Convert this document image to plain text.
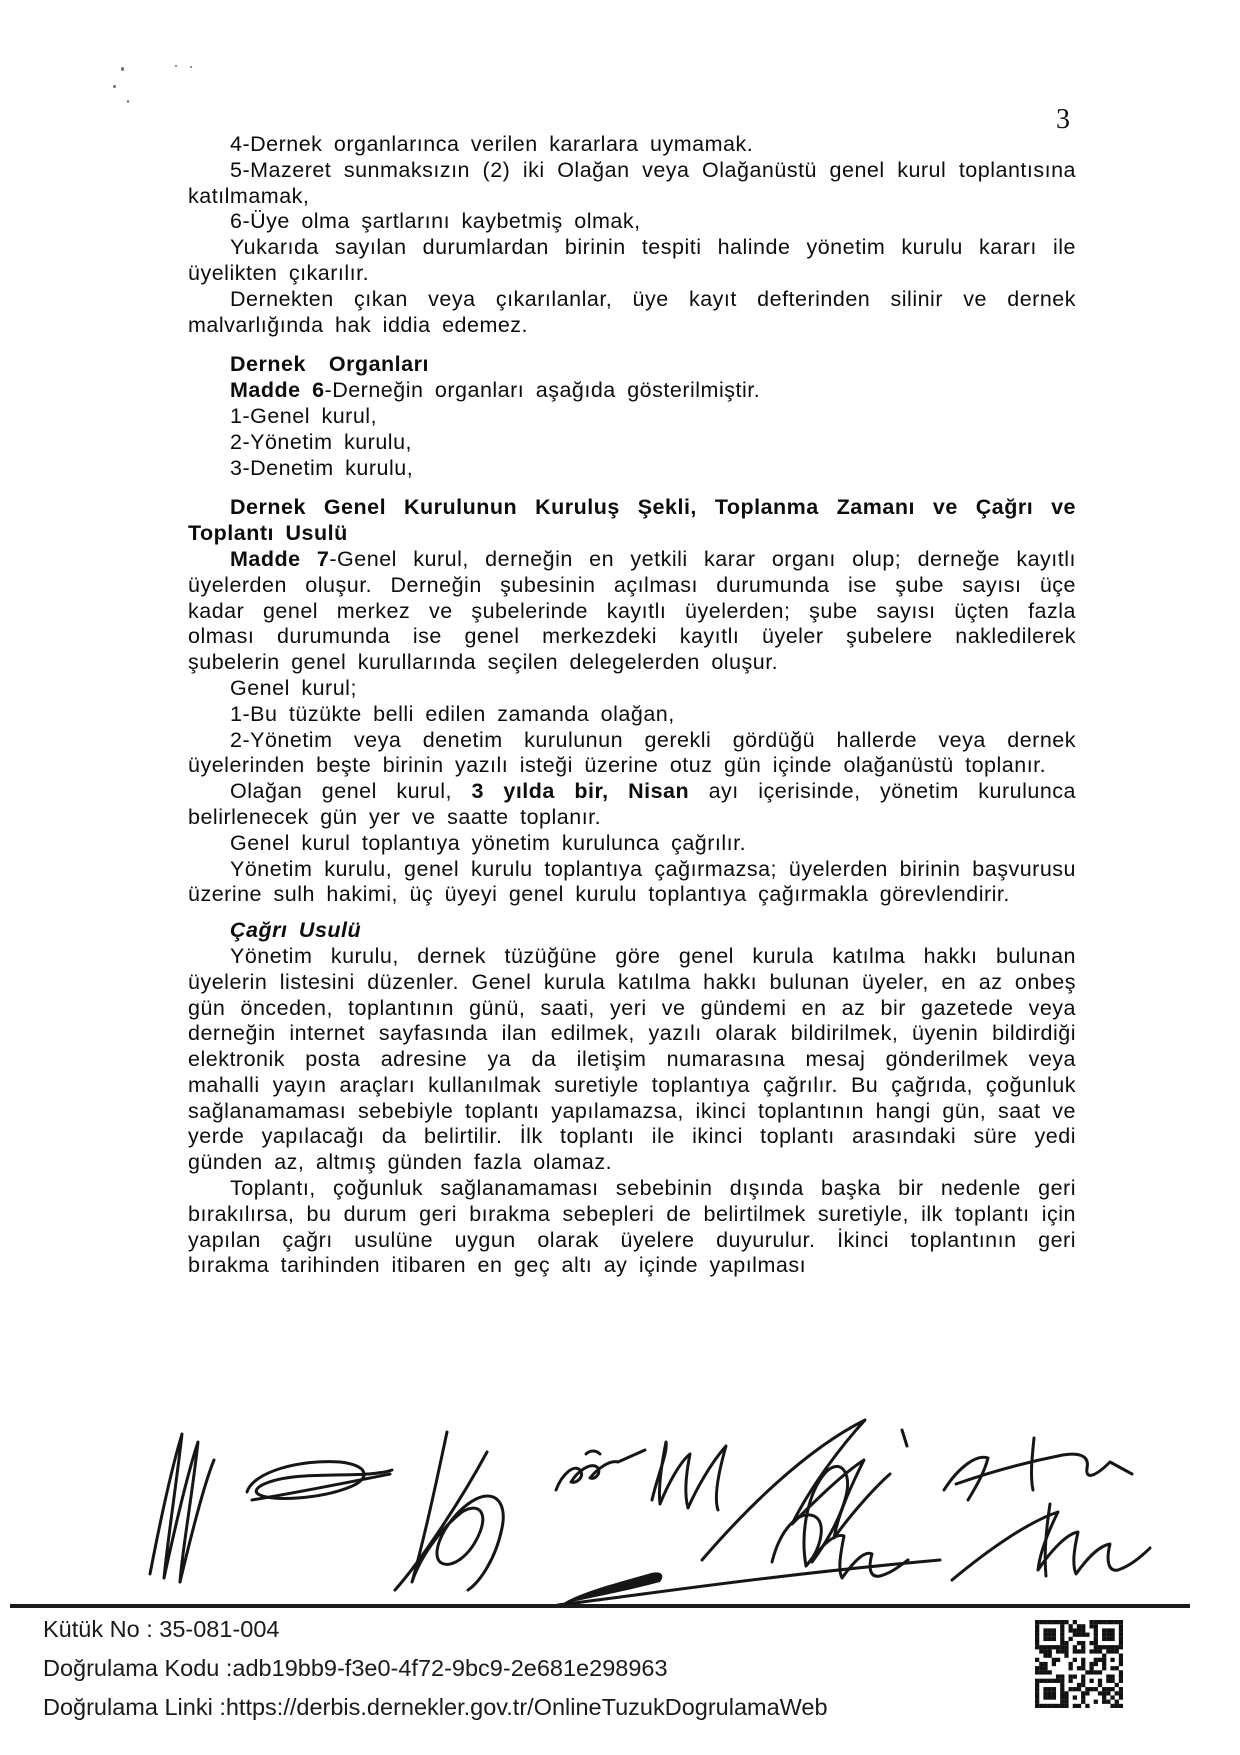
3

4-Dernek organlarınca verilen kararlara uymamak.

5-Mazeret sunmaksızın (2) iki Olağan veya Olağanüstü genel kurul toplantısına katılmamak,

6-Üye olma şartlarını kaybetmiş olmak,

Yukarıda sayılan durumlardan birinin tespiti halinde yönetim kurulu kararı ile üyelikten çıkarılır.

Dernekten çıkan veya çıkarılanlar, üye kayıt defterinden silinir ve dernek malvarlığında hak iddia edemez.

Dernek  Organları

Madde 6-Derneğin organları aşağıda gösterilmiştir.

1-Genel kurul,

2-Yönetim kurulu,

3-Denetim kurulu,

Dernek Genel Kurulunun Kuruluş Şekli, Toplanma Zamanı ve Çağrı ve Toplantı Usulü

Madde 7-Genel kurul, derneğin en yetkili karar organı olup; derneğe kayıtlı üyelerden oluşur. Derneğin şubesinin açılması durumunda ise şube sayısı üçe kadar genel merkez ve şubelerinde kayıtlı üyelerden; şube sayısı üçten fazla olması durumunda ise genel merkezdeki kayıtlı üyeler şubelere nakledilerek şubelerin genel kurullarında seçilen delegelerden oluşur.

Genel kurul;

1-Bu tüzükte belli edilen zamanda olağan,

2-Yönetim veya denetim kurulunun gerekli gördüğü hallerde veya dernek üyelerinden beşte birinin yazılı isteği üzerine otuz gün içinde olağanüstü toplanır.

Olağan genel kurul, 3 yılda bir, Nisan ayı içerisinde, yönetim kurulunca belirlenecek gün yer ve saatte toplanır.

Genel kurul toplantıya yönetim kurulunca çağrılır.

Yönetim kurulu, genel kurulu toplantıya çağırmazsa; üyelerden birinin başvurusu üzerine sulh hakimi, üç üyeyi genel kurulu toplantıya çağırmakla görevlendirir.

Çağrı Usulü

Yönetim kurulu, dernek tüzüğüne göre genel kurula katılma hakkı bulunan üyelerin listesini düzenler. Genel kurula katılma hakkı bulunan üyeler, en az onbeş gün önceden, toplantının günü, saati, yeri ve gündemi en az bir gazetede veya derneğin internet sayfasında ilan edilmek, yazılı olarak bildirilmek, üyenin bildirdiği elektronik posta adresine ya da iletişim numarasına mesaj gönderilmek veya mahalli yayın araçları kullanılmak suretiyle toplantıya çağrılır. Bu çağrıda, çoğunluk sağlanamaması sebebiyle toplantı yapılamazsa, ikinci toplantının hangi gün, saat ve yerde yapılacağı da belirtilir. İlk toplantı ile ikinci toplantı arasındaki süre yedi günden az, altmış günden fazla olamaz.

Toplantı, çoğunluk sağlanamaması sebebinin dışında başka bir nedenle geri bırakılırsa, bu durum geri bırakma sebepleri de belirtilmek suretiyle, ilk toplantı için yapılan çağrı usulüne uygun olarak üyelere duyurulur. İkinci toplantının geri bırakma tarihinden itibaren en geç altı ay içinde yapılması

Kütük No : 35-081-004
Doğrulama Kodu :adb19bb9-f3e0-4f72-9bc9-2e681e298963
Doğrulama Linki :https://derbis.dernekler.gov.tr/OnlineTuzukDogrulamaWeb
